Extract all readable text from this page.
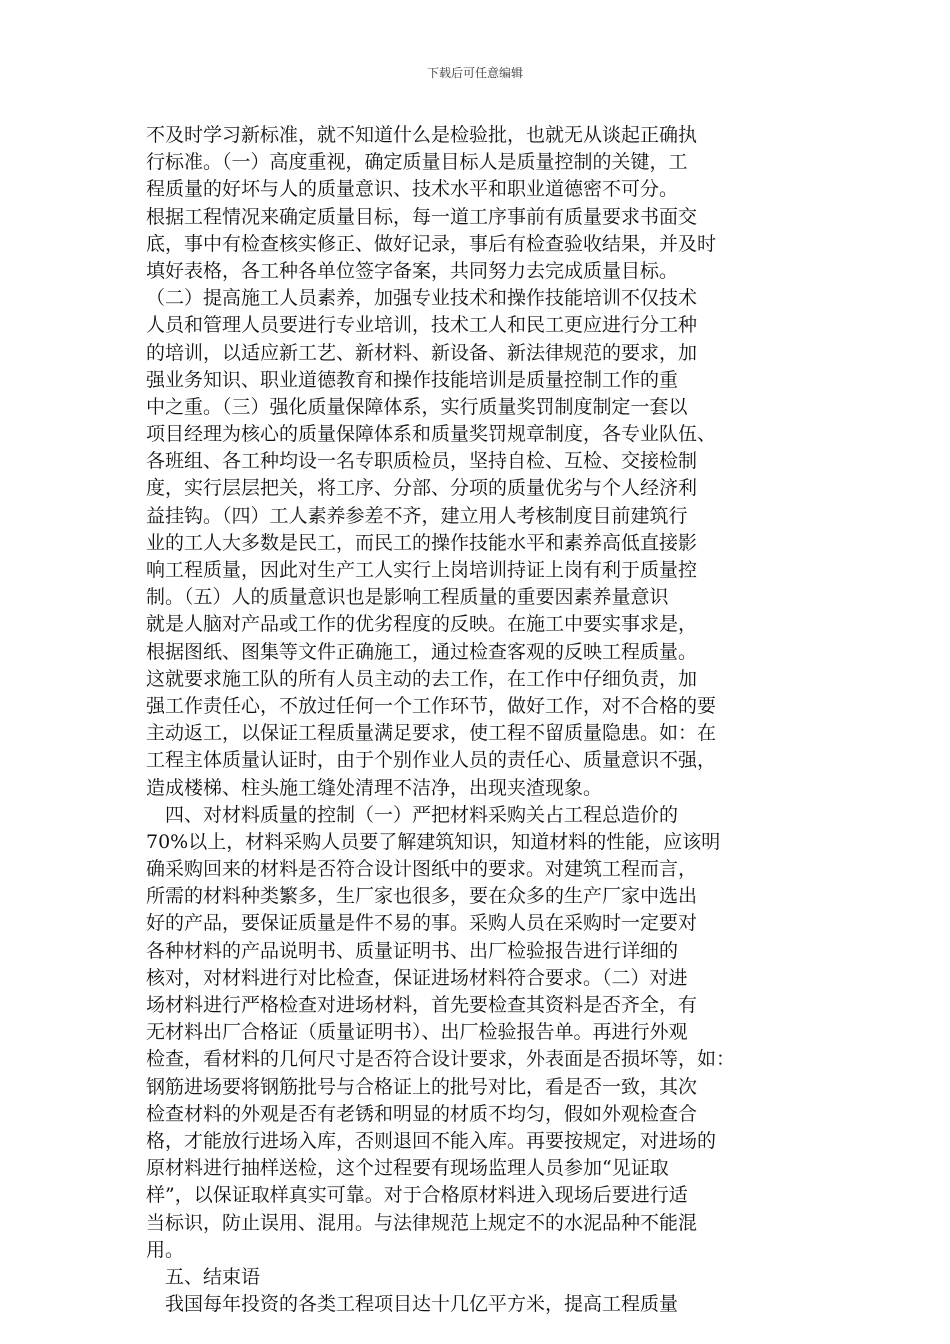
下载后可任意编辑
不及时学习新标准，就不知道什么是检验批，也就无从谈起正确执
行标准。（一）高度重视，确定质量目标人是质量控制的关键，工
程质量的好坏与人的质量意识、技术水平和职业道德密不可分。
根据工程情况来确定质量目标，每一道工序事前有质量要求书面交
底，事中有检查核实修正、做好记录，事后有检查验收结果，并及时
填好表格，各工种各单位签字备案，共同努力去完成质量目标。
（二）提高施工人员素养，加强专业技术和操作技能培训不仅技术
人员和管理人员要进行专业培训，技术工人和民工更应进行分工种
的培训，以适应新工艺、新材料、新设备、新法律规范的要求，加
强业务知识、职业道德教育和操作技能培训是质量控制工作的重
中之重。（三）强化质量保障体系，实行质量奖罚制度制定一套以
项目经理为核心的质量保障体系和质量奖罚规章制度，各专业队伍、
各班组、各工种均设一名专职质检员，坚持自检、互检、交接检制
度，实行层层把关，将工序、分部、分项的质量优劣与个人经济利
益挂钩。（四）工人素养参差不齐，建立用人考核制度目前建筑行
业的工人大多数是民工，而民工的操作技能水平和素养高低直接影
响工程质量，因此对生产工人实行上岗培训持证上岗有利于质量控
制。（五）人的质量意识也是影响工程质量的重要因素养量意识
就是人脑对产品或工作的优劣程度的反映。在施工中要实事求是，
根据图纸、图集等文件正确施工，通过检查客观的反映工程质量。
这就要求施工队的所有人员主动的去工作，在工作中仔细负责，加
强工作责任心，不放过任何一个工作环节，做好工作，对不合格的要
主动返工，以保证工程质量满足要求，使工程不留质量隐患。如：在
工程主体质量认证时，由于个别作业人员的责任心、质量意识不强，
造成楼梯、柱头施工缝处清理不洁净，出现夹渣现象。
　四、对材料质量的控制（一）严把材料采购关占工程总造价的
70%以上，材料采购人员要了解建筑知识，知道材料的性能，应该明
确采购回来的材料是否符合设计图纸中的要求。对建筑工程而言，
所需的材料种类繁多，生厂家也很多，要在众多的生产厂家中选出
好的产品，要保证质量是件不易的事。采购人员在采购时一定要对
各种材料的产品说明书、质量证明书、出厂检验报告进行详细的
核对，对材料进行对比检查，保证进场材料符合要求。（二）对进
场材料进行严格检查对进场材料，首先要检查其资料是否齐全，有
无材料出厂合格证（质量证明书）、出厂检验报告单。再进行外观
检查，看材料的几何尺寸是否符合设计要求，外表面是否损坏等，如：
钢筋进场要将钢筋批号与合格证上的批号对比，看是否一致，其次
检查材料的外观是否有老锈和明显的材质不均匀，假如外观检查合
格，才能放行进场入库，否则退回不能入库。再要按规定，对进场的
原材料进行抽样送检，这个过程要有现场监理人员参加“见证取
样”，以保证取样真实可靠。对于合格原材料进入现场后要进行适
当标识，防止误用、混用。与法律规范上规定不的水泥品种不能混
用。
　五、结束语
　我国每年投资的各类工程项目达十几亿平方米，提高工程质量
